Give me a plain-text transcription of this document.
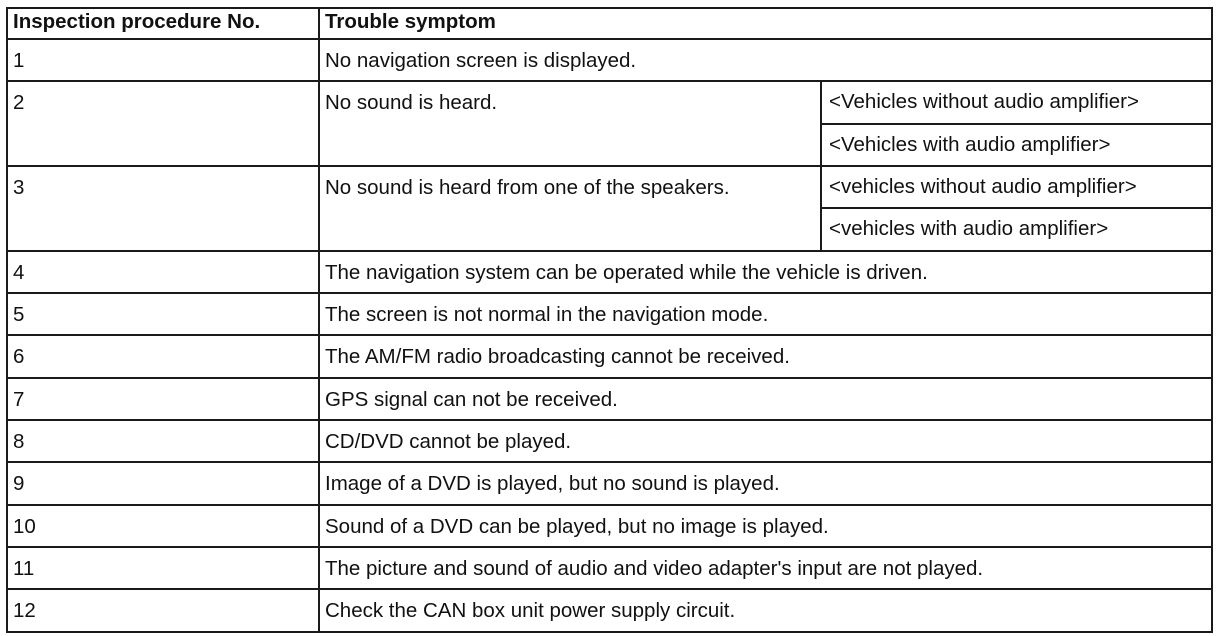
Inspection procedure No.	Trouble symptom	
1	No navigation screen is displayed.	
2	No sound is heard.	<Vehicles without audio amplifier>
		<Vehicles with audio amplifier>
3	No sound is heard from one of the speakers.	<vehicles without audio amplifier>
		<vehicles with audio amplifier>
4	The navigation system can be operated while the vehicle is driven.	
5	The screen is not normal in the navigation mode.	
6	The AM/FM radio broadcasting cannot be received.	
7	GPS signal can not be received.	
8	CD/DVD cannot be played.	
9	Image of a DVD is played, but no sound is played.	
10	Sound of a DVD can be played, but no image is played.	
11	The picture and sound of audio and video adapter's input are not played.	
12	Check the CAN box unit power supply circuit.	
